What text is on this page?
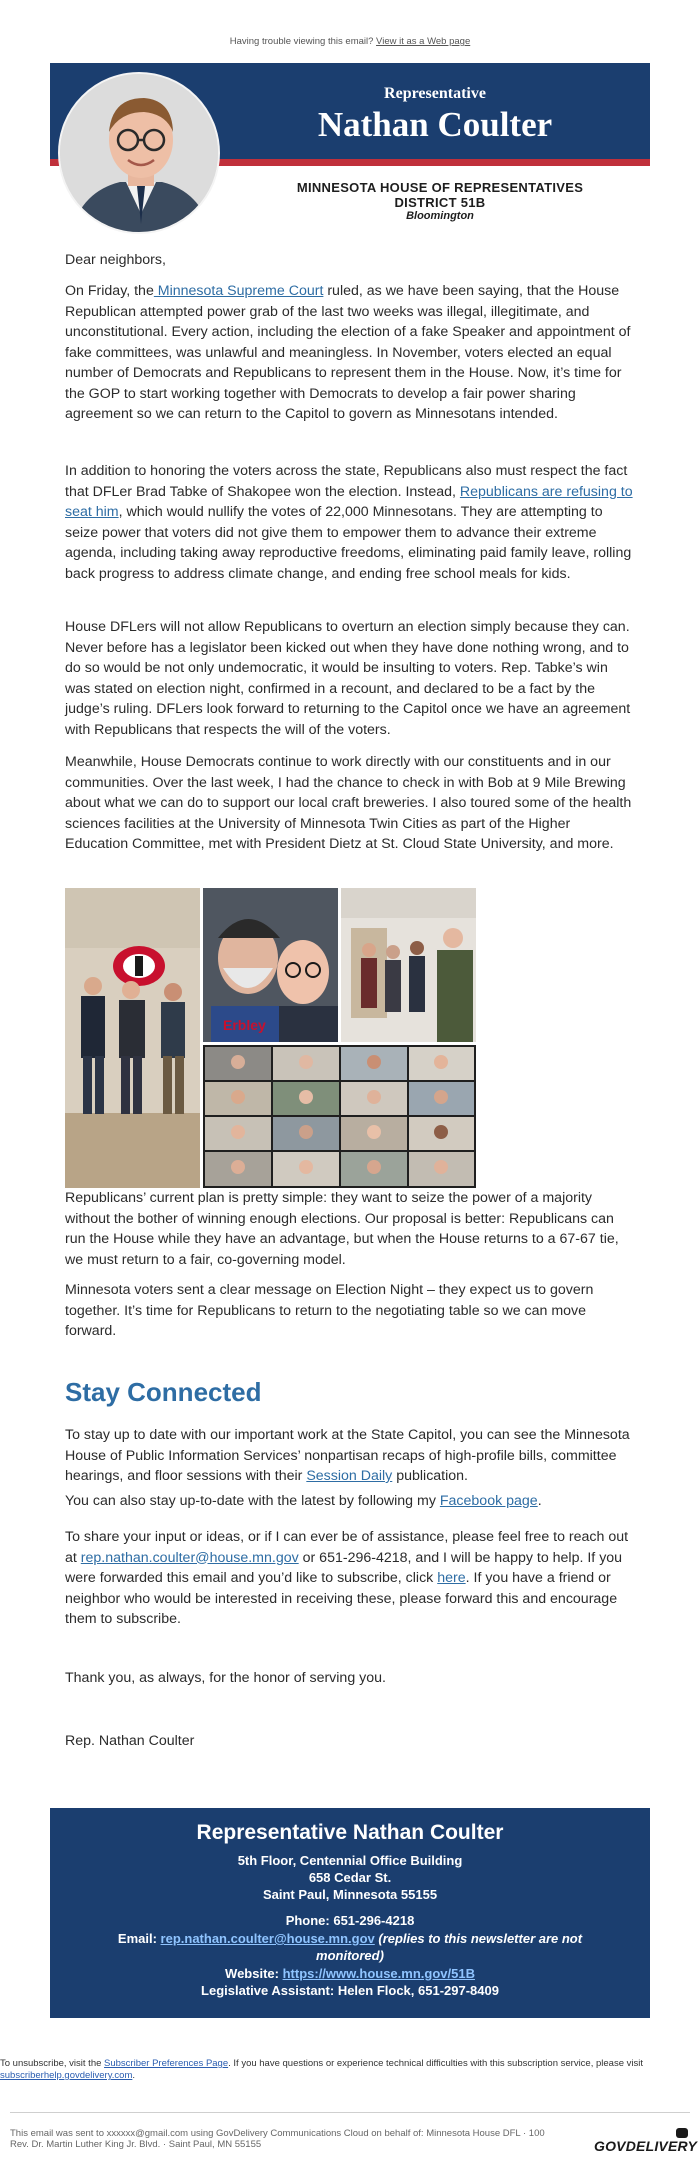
Having trouble viewing this email? View it as a Web page
Representative
Nathan Coulter
MINNESOTA HOUSE OF REPRESENTATIVES
DISTRICT 51B
Bloomington
Dear neighbors,

On Friday, the Minnesota Supreme Court ruled, as we have been saying, that the House Republican attempted power grab of the last two weeks was illegal, illegitimate, and unconstitutional. Every action, including the election of a fake Speaker and appointment of fake committees, was unlawful and meaningless. In November, voters elected an equal number of Democrats and Republicans to represent them in the House. Now, it’s time for the GOP to start working together with Democrats to develop a fair power sharing agreement so we can return to the Capitol to govern as Minnesotans intended.

In addition to honoring the voters across the state, Republicans also must respect the fact that DFLer Brad Tabke of Shakopee won the election. Instead, Republicans are refusing to seat him, which would nullify the votes of 22,000 Minnesotans. They are attempting to seize power that voters did not give them to empower them to advance their extreme agenda, including taking away reproductive freedoms, eliminating paid family leave, rolling back progress to address climate change, and ending free school meals for kids.

House DFLers will not allow Republicans to overturn an election simply because they can. Never before has a legislator been kicked out when they have done nothing wrong, and to do so would be not only undemocratic, it would be insulting to voters. Rep. Tabke’s win was stated on election night, confirmed in a recount, and declared to be a fact by the judge’s ruling. DFLers look forward to returning to the Capitol once we have an agreement with Republicans that respects the will of the voters.

Meanwhile, House Democrats continue to work directly with our constituents and in our communities. Over the last week, I had the chance to check in with Bob at 9 Mile Brewing about what we can do to support our local craft breweries. I also toured some of the health sciences facilities at the University of Minnesota Twin Cities as part of the Higher Education Committee, met with President Dietz at St. Cloud State University, and more.

Erbley

Republicans’ current plan is pretty simple: they want to seize the power of a majority without the bother of winning enough elections. Our proposal is better: Republicans can run the House while they have an advantage, but when the House returns to a 67-67 tie, we must return to a fair, co-governing model.

Minnesota voters sent a clear message on Election Night – they expect us to govern together. It’s time for Republicans to return to the negotiating table so we can move forward.

Stay Connected

To stay up to date with our important work at the State Capitol, you can see the Minnesota House of Public Information Services’ nonpartisan recaps of high-profile bills, committee hearings, and floor sessions with their Session Daily publication.

You can also stay up-to-date with the latest by following my Facebook page.

To share your input or ideas, or if I can ever be of assistance, please feel free to reach out at rep.nathan.coulter@house.mn.gov or 651-296-4218, and I will be happy to help. If you were forwarded this email and you’d like to subscribe, click here. If you have a friend or neighbor who would be interested in receiving these, please forward this and encourage them to subscribe.

Thank you, as always, for the honor of serving you.

Rep. Nathan Coulter

Representative Nathan Coulter
5th Floor, Centennial Office Building
658 Cedar St.
Saint Paul, Minnesota 55155
Phone: 651-296-4218
Email: rep.nathan.coulter@house.mn.gov (replies to this newsletter are not
monitored)
Website: https://www.house.mn.gov/51B
Legislative Assistant: Helen Flock, 651-297-8409
To unsubscribe, visit the Subscriber Preferences Page. If you have questions or experience technical difficulties with this subscription service, please visit subscriberhelp.govdelivery.com.
This email was sent to xxxxxx@gmail.com using GovDelivery Communications Cloud on behalf of: Minnesota House DFL · 100
Rev. Dr. Martin Luther King Jr. Blvd. · Saint Paul, MN 55155	GOVDELIVERY
